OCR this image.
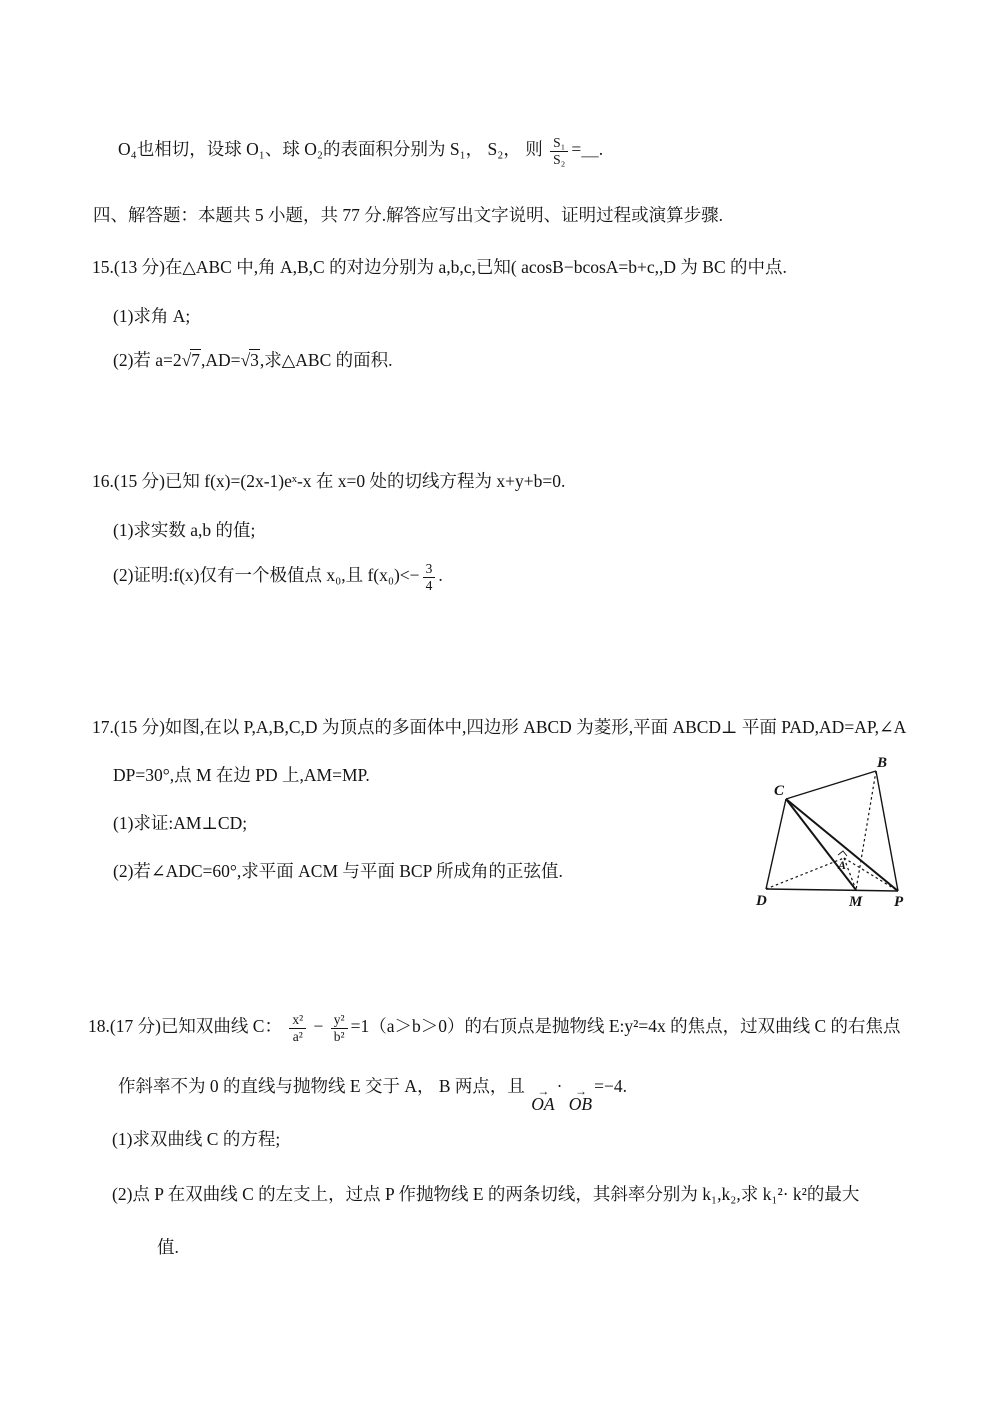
O₄也相切，设球 O₁、球 O₂的表面积分别为 S₁， S₂， 则 $\frac{\text{S₁}}{\text{S₂}}$ =＿.
四、解答题：本题共 5 小题，共 77 分.解答应写出文字说明、证明过程或演算步骤.
15.(13 分)在△ABC 中,角 A,B,C 的对边分别为 a,b,c,已知( acosB−bcosA=b+c,,D 为 BC 的中点.
(1)求角 A;
(2)若 a=2√7,AD=√3,求△ABC 的面积.
16.(15 分)已知 f(x)=(2x-1)eˣ-x 在 x=0 处的切线方程为 x+y+b=0.
(1)求实数 a,b 的值;
(2)证明:f(x)仅有一个极值点 x₀,且 $f(x_0)<- \frac{3}{4}$ .
17.(15 分)如图,在以 P,A,B,C,D 为顶点的多面体中,四边形 ABCD 为菱形,平面 ABCD⊥ 平面 PAD,AD=AP,∠A
DP=30°,点 M 在边 PD 上,AM=MP.
(1)求证:AM⊥CD;
(2)若∠ADC=60°,求平面 ACM 与平面 BCP 所成角的正弦值.
B
C
D	M P
A
18.(17 分)已知双曲线 C： $\frac{\text{x²}}{\text{a²}} - \frac{\text{y²}}{\text{b²}} =1(a>b>0)$的右顶点是抛物线 E:y²=4x 的焦点，过双曲线 C 的右焦点
作斜率不为 0 的直线与抛物线 E 交于 A， B 两点，且 →
OA
· →
OB
=−4.
(1)求双曲线 C 的方程;
(2)点 P 在双曲线 C 的左支上，过点 P 作抛物线 E 的两条切线，其斜率分别为 k₁,k₂,求 k₁²· k²的最大
值.
